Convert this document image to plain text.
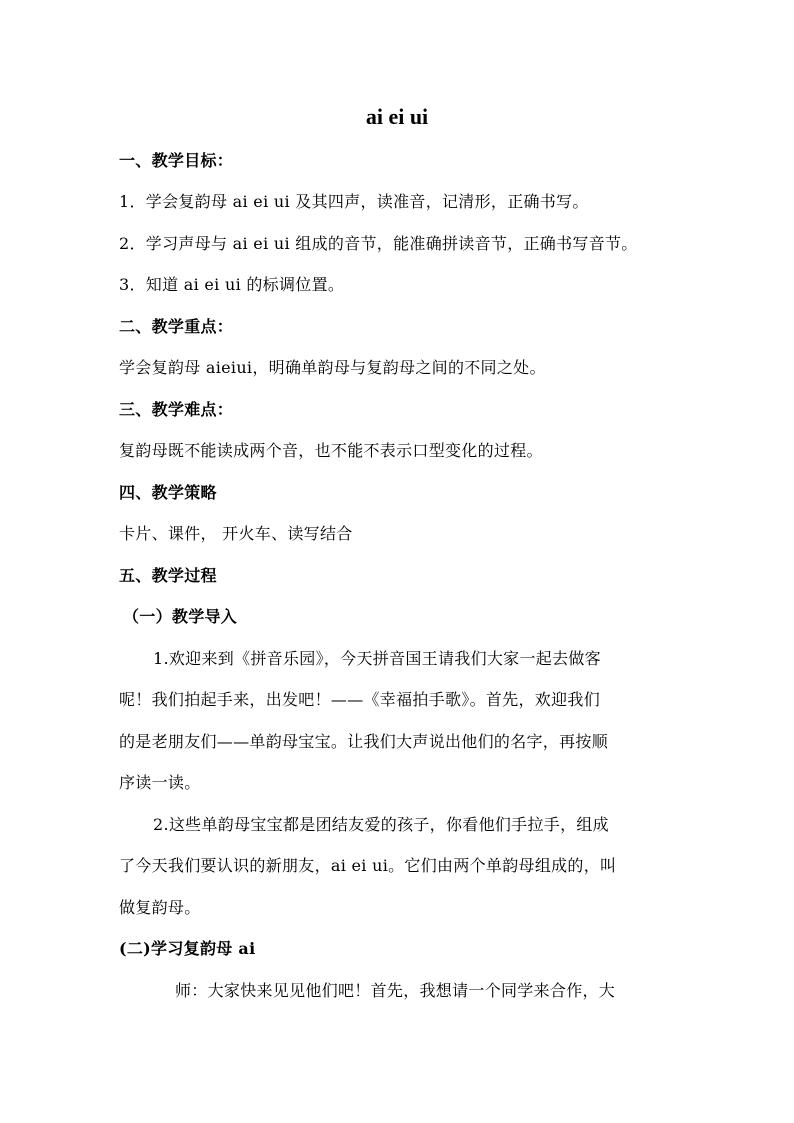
ai ei ui
一、教学目标：
1．学会复韵母 ai ei ui 及其四声，读准音，记清形，正确书写。
2．学习声母与 ai ei ui 组成的音节，能准确拼读音节，正确书写音节。
3．知道 ai ei ui 的标调位置。
二、教学重点：
学会复韵母 aieiui，明确单韵母与复韵母之间的不同之处。
三、教学难点：
复韵母既不能读成两个音，也不能不表示口型变化的过程。
四、教学策略
卡片、课件， 开火车、读写结合
五、教学过程
（一）教学导入
1.欢迎来到《拼音乐园》，今天拼音国王请我们大家一起去做客
呢！我们拍起手来，出发吧！——《幸福拍手歌》。首先，欢迎我们
的是老朋友们——单韵母宝宝。让我们大声说出他们的名字，再按顺
序读一读。
2.这些单韵母宝宝都是团结友爱的孩子，你看他们手拉手，组成
了今天我们要认识的新朋友，ai ei ui。它们由两个单韵母组成的，叫
做复韵母。
(二)学习复韵母 ai
师：大家快来见见他们吧！首先，我想请一个同学来合作，大
